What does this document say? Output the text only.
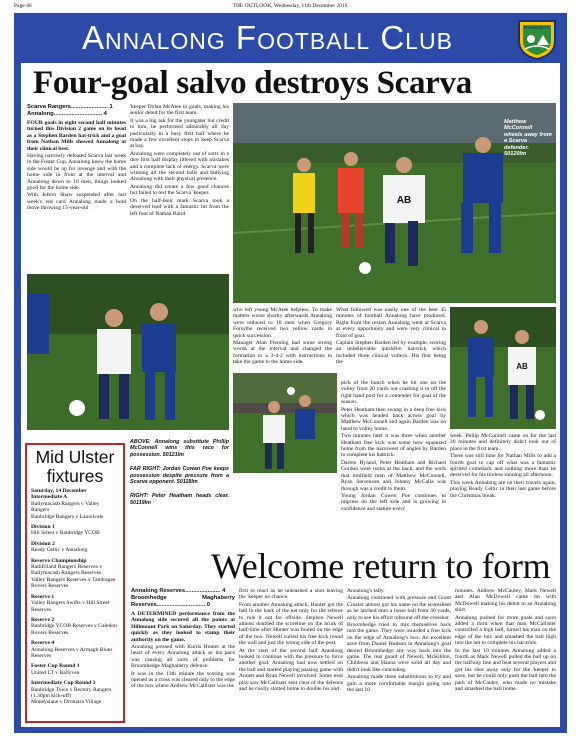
Page 46	THE OUTLOOK, Wednesday, 11th December 2019
Annalong Football Club	Annalong F.C.
Four-goal salvo destroys Scarva
Scarva Rangers....................... 1
Annalong.............................. 4

FOUR goals in eight second half minutes turned this Division 2 game on its head as a Stephen Barden hat-trick and a goal from Nathan Mills showed Annalong at their clinical best.

Having narrowly defeated Scarva last week in the Foster Cup, Annalong knew the home side would be up for revenge and with the home side in front at the interval and Annalong down to 10 men, things looked good for the home side.

With Jelson Shaw suspended after last week's red card Annalong made a bold move throwing 15-year-old

'keeper Dylan McAtee in goals, making his senior debut for the first team.

It was a big ask for the youngster but credit to him, he performed admirably all day particularly in a busy first half where he made a few excellent stops to keep Scarva at bay.

Annalong were completely out of sorts in a dire first half display littered with mistakes and a complete lack of energy. Scarva were winning all the second balls and bullying Annalong with their physical presence.

Annalong did create a few good chances but failed to test the Scarva 'keeper.

On the half-hour mark Scarva took a deserved lead with a fantastic hit from the left foot of Nathan Baird

AB
Matthew McConnell wheels away from a Scarva defender. 50120lm

who left young McAtee helpless. To make matters worse shortly afterwards Annalong were reduced to 10 men when Gregory Forsythe received two yellow cards in quick succession.

Manager Alan Fleming had some strong words at the interval and changed the formation to a 3-4-2 with instructions to take the game to the home side.

What followed was easily one of the best 45 minutes of football Annalong have produced. Right from the restart Annalong went at Scarva at every opportunity and were very clinical in front of goal.

Captain Stephen Barden led by example, scoring an unbelievable quickfire hat-trick which included three clinical volleys. His first being the	AB

pick of the bunch when he hit one on the volley from 20 yards out crashing it in off the right hand post for a contender for goal of the season.

Peter Heatham then swung in a deep free kick which was headed back across goal by Matthew McConnell and again Barden was on hand to volley home.

Two minutes later it was three when another Heatham free kick was some how squeezed home from the narrowest of angles by Barden to complete his hattrick.

Darren Hyland, Peter Heatham and Richard Gordon were rocks at the back, and the work that midfield men of Matthew McConnell, Ryan Stevenson and Johnny McCalla was through was a credit to them.

Young Jordan Cowen Poe continues to impress on the left side and is growing in confidence and stature every

week. Philip McConnell came on for the last 20 minutes and definitely didn't look out of place in the first team.

There was still time for Nathan Mills to add a fourth goal to cap off what was a fantastic spirited comeback and nothing more than he deserved for his tireless running all afternoon.

This week Annalong are on their travels again, playing Ready Celtic in their last game before the Christmas break.

ABOVE: Annalong substitute Phillip McConnell wins this race for possession. 50121lm

FAR RIGHT: Jordan Cowan Poe keeps possession despite pressure from a Scarva opponent. 50118lm

RIGHT: Peter Heatham heads clear. 50119lm

Mid Ulster fixtures
Saturday, 14 December
Intermediate A
Ballymacash Rangers v Valley Rangers
Banbridge Rangers v Laurelvale
Division 1
Hill Street v Banbridge YCOB
Division 2
Ready Celtic v Annalong
Reserve Championship
Rathfriland Rangers Reserves v Ballymacash Rangers Reserves
Valley Rangers Reserves v Tandragee Rovers Reserves
Reserve 1
Valley Rangers Swifts v Hill Street Reserves
Reserve 2
Banbridge YCOB Reserves v Caledon Rovers Reserves
Reserve 4
Annalong Reserves v Armagh Blues Reserves
Foster Cup Round 1
United LT v Ballyvea
Intermediate Cup Round 2
Banbridge Town v Rectory Rangers (1.30pm kick-off)
Moneyslane v Dromara Village
Welcome return to form
Annalong Reserves...................... 4
Broomhedge Maghaberry Reserves.............................. 0

A DETERMINED performance from the Annalong side secured all the points at Hillmount Park on Saturday. They started quickly as they looked to stamp their authority on the game.

Annalong pressed with Kurtis Hunter at the heart of every Annalong attack as his pace was causing all sorts of problems for Broomhedge Maghaberry defence.

It was in the 13th minute the scoring was opened as a cross was cleared only to the edge of the box where Andrew McCallister was the

first to react as he unleashed a shot leaving the 'keeper no chance.

From another Annalong attack, Hunter got the ball in the back of the net only for the referee to rule it out for offside. Stephen Newell almost doubled the scoreline on the brink of half-time after Hunter was fouled on the edge of the box. Newell curled his free kick round the wall and just the wrong side of the post.

At the start of the second half Annalong looked to continue with the pressure to force another goal. Annalong had now settled on the ball and started playing passing game with Annett and Ryan Newell involved. Some neat play saw McCallister sent clear of the defence and he coolly slotted home to double his and

Annalong's tally.

Annalong continued with pressure and Grant Crozier almost got his name on the scoresheet as he latched onto a loose ball from 30 yards, only to see his effort rebound off the crossbar.

Broomhedge tried to mix themselves back into the game. They were awarded a free kick on the edge of Annalong's box. An excellent save from Daniel Hudson in Annalong's goal denied Broomhedge any way back into the game. The rear guard of Newell, McKibbin, Childress and Hanna were solid all day and didn't look like conceding.

Annalong made three substitutions to try and gain a more comfortable margin going into the last 10

minutes. Andrew McCauley, Mark Newell and Alan McDowell came on with McDowell making his debut in an Annalong shirt.

Annalong pushed for more goals and soon added a third when that man McCallister controlled a high ball, turned his man on the edge of the box and smashed the ball high into the net to complete his hat-trick.

In the last 10 minutes Annalong added a fourth as Mark Newell pulled the ball up on the halfway line and beat several players and got his shot away only for the 'keeper to save, but he could only push the ball into the path of McCauley, who made no mistake and smashed the ball home.
